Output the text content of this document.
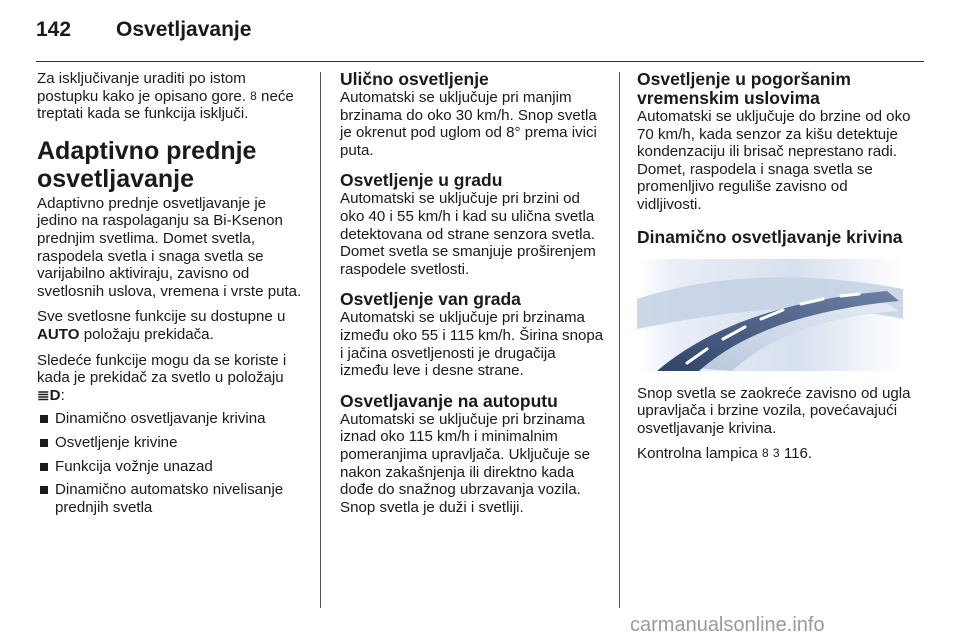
142	Osvetljavanje

Za isključivanje uraditi po istom postupku kako je opisano gore. 8 neće treptati kada se funkcija isključi.

Adaptivno prednje osvetljavanje

Adaptivno prednje osvetljavanje je jedino na raspolaganju sa Bi-Ksenon prednjim svetlima. Domet svetla, raspodela svetla i snaga svetla se varijabilno aktiviraju, zavisno od svetlosnih uslova, vremena i vrste puta.

Sve svetlosne funkcije su dostupne u AUTO položaju prekidača.

Sledeće funkcije mogu da se koriste i kada je prekidač za svetlo u položaju ≣D:

Dinamično osvetljavanje krivina
Osvetljenje krivine
Funkcija vožnje unazad
Dinamično automatsko nivelisanje prednjih svetla
Ulično osvetljenje
Automatski se uključuje pri manjim brzinama do oko 30 km/h. Snop svetla je okrenut pod uglom od 8° prema ivici puta.
Osvetljenje u gradu
Automatski se uključuje pri brzini od oko 40 i 55 km/h i kad su ulična svetla detektovana od strane senzora svetla. Domet svetla se smanjuje proširenjem raspodele svetlosti.
Osvetljenje van grada
Automatski se uključuje pri brzinama između oko 55 i 115 km/h. Širina snopa i jačina osvetljenosti je drugačija između leve i desne strane.
Osvetljavanje na autoputu
Automatski se uključuje pri brzinama iznad oko 115 km/h i minimalnim pomeranjima upravljača. Uključuje se nakon zakašnjenja ili direktno kada dođe do snažnog ubrzavanja vozila. Snop svetla je duži i svetliji.
Osvetljenje u pogoršanim vremenskim uslovima
Automatski se uključuje do brzine od oko 70 km/h, kada senzor za kišu detektuje kondenzaciju ili brisač neprestano radi. Domet, raspodela i snaga svetla se promenljivo reguliše zavisno od vidljivosti.
Dinamično osvetljavanje krivina

Snop svetla se zaokreće zavisno od ugla upravljača i brzine vozila, povećavajući osvetljavanje krivina.

Kontrolna lampica 8 3 116.

carmanualsonline.info
